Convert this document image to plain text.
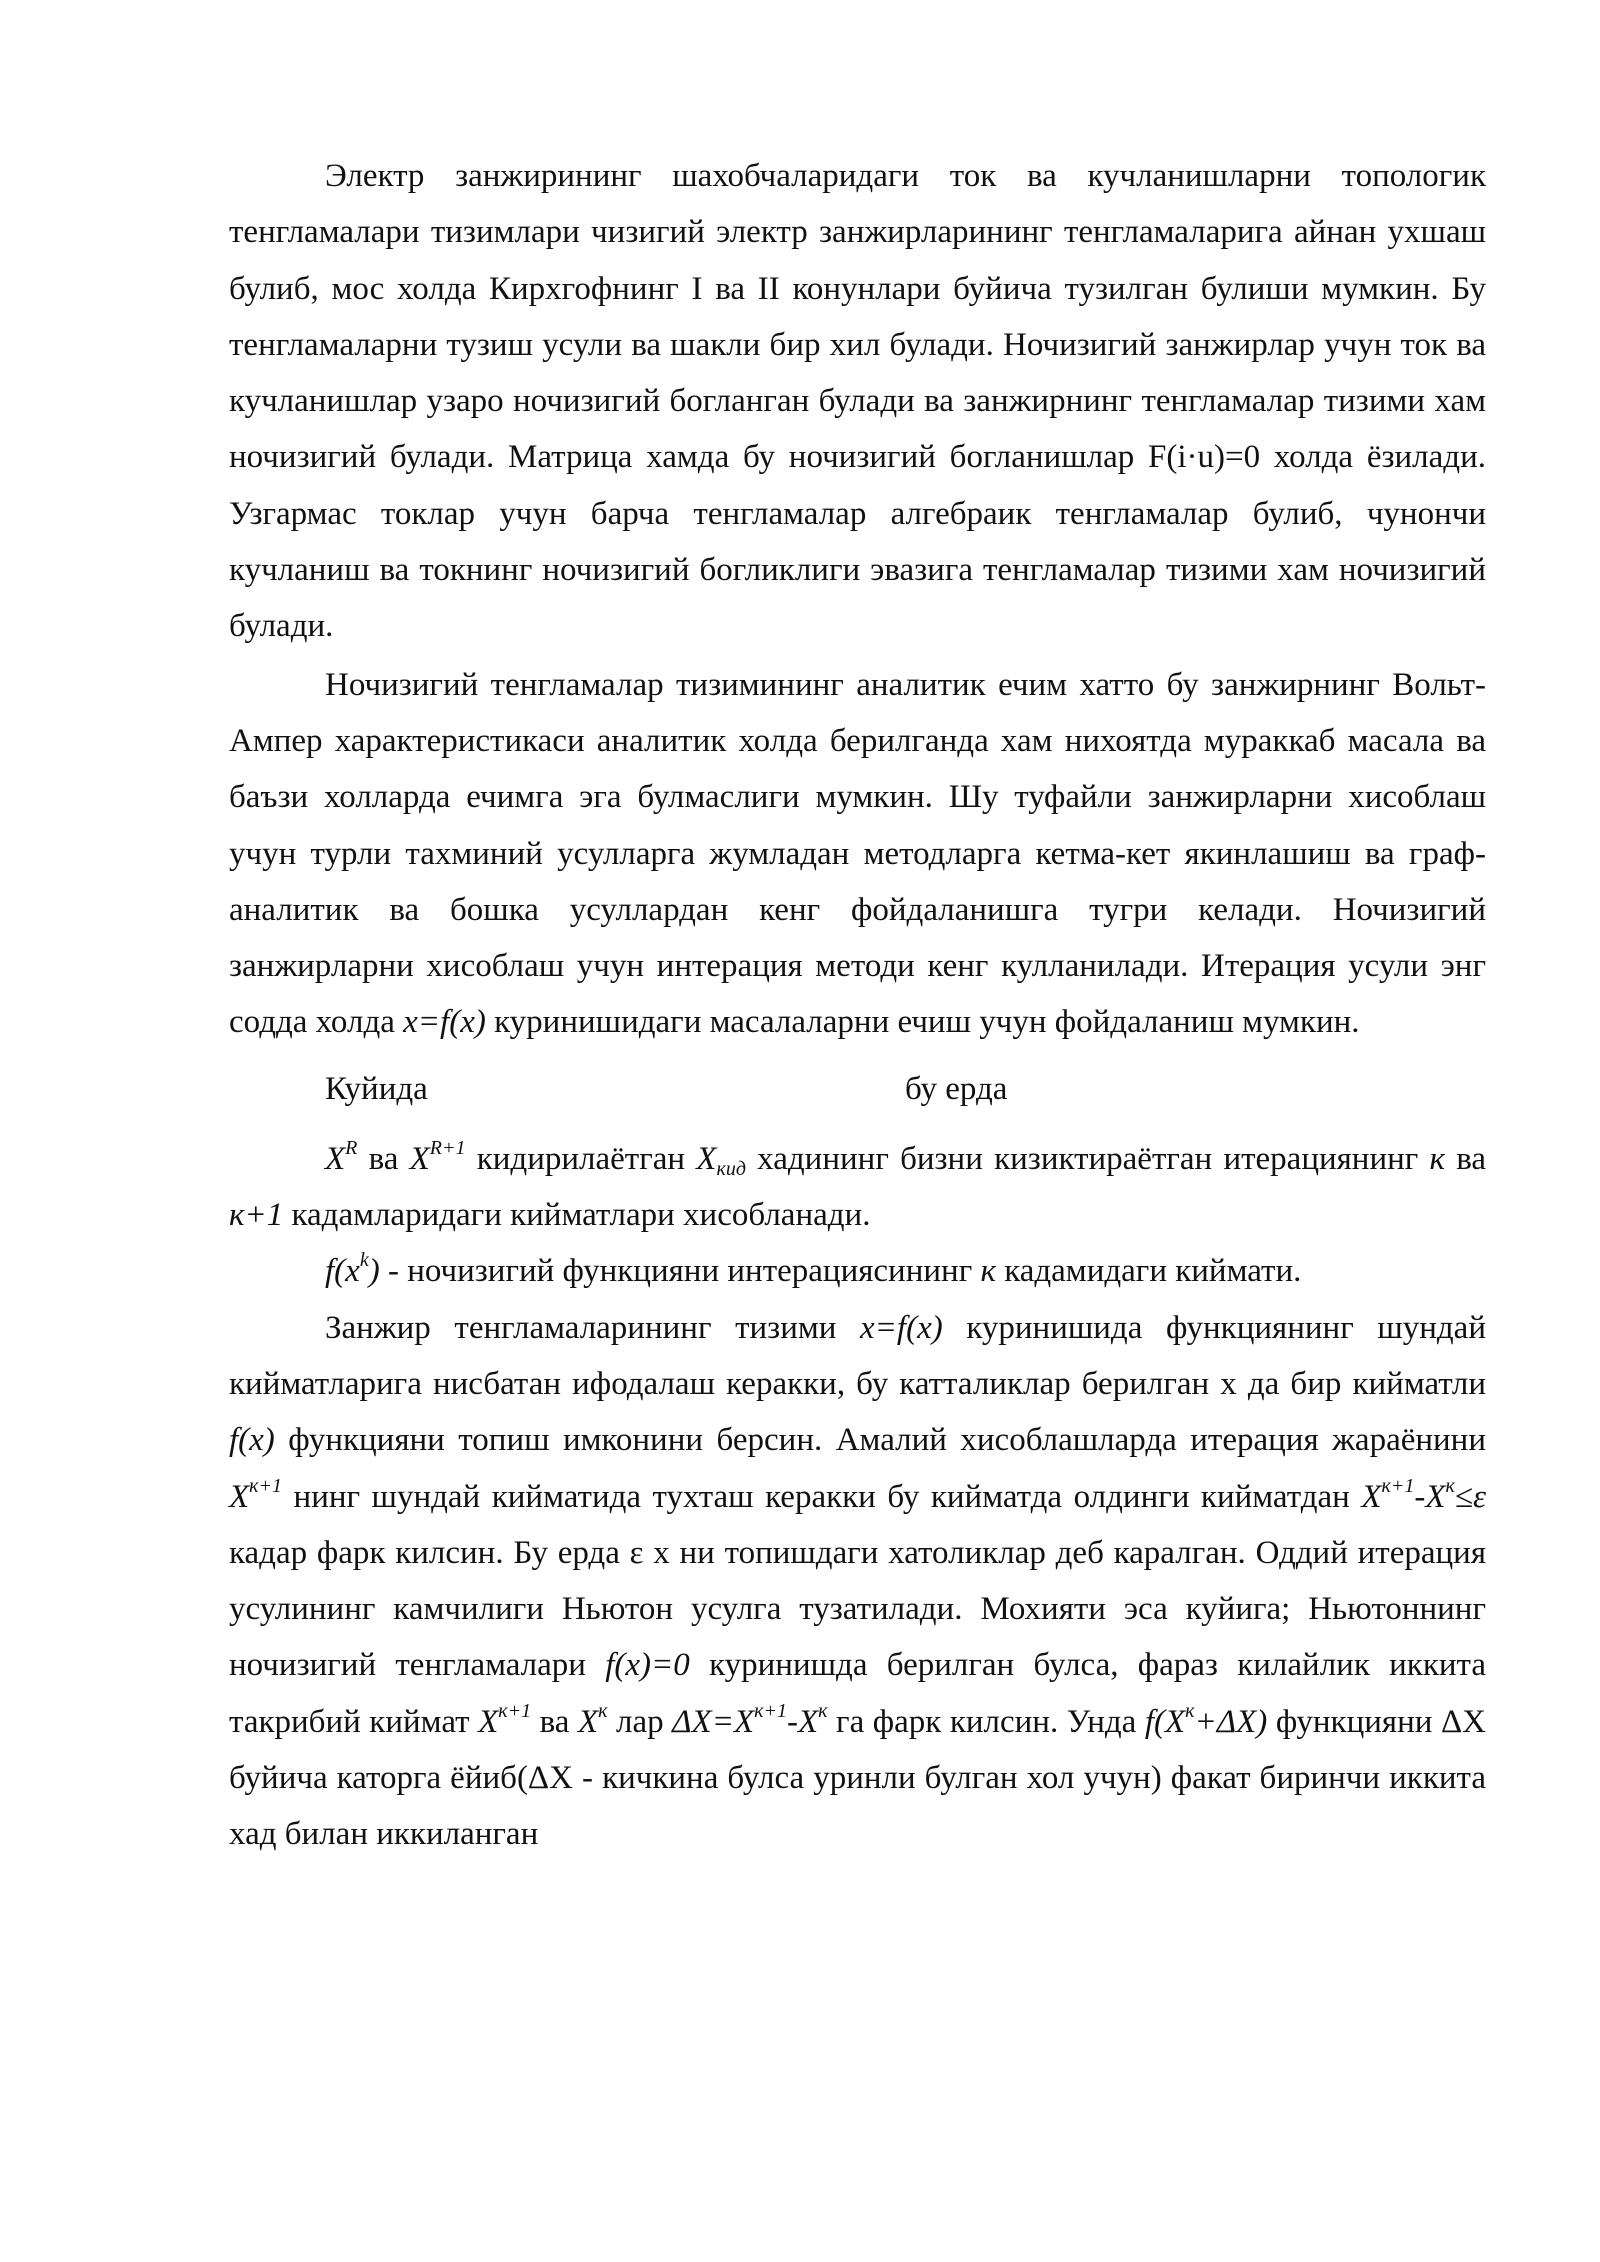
Электр занжирининг шахобчаларидаги ток ва кучланишларни топологик тенгламалари тизимлари чизигий электр занжирларининг тенгламаларига айнан ухшаш булиб, мос холда Кирхгофнинг I ва II конунлари буйича тузилган булиши мумкин. Бу тенгламаларни тузиш усули ва шакли бир хил булади. Ночизигий занжирлар учун ток ва кучланишлар узаро ночизигий богланган булади ва занжирнинг тенгламалар тизими хам ночизигий булади. Матрица хамда бу ночизигий богланишлар F(i·u)=0 холда ёзилади. Узгармас токлар учун барча тенгламалар алгебраик тенгламалар булиб, чунончи кучланиш ва токнинг ночизигий богликлиги эвазига тенгламалар тизими хам ночизигий булади.

Ночизигий тенгламалар тизимининг аналитик ечим хатто бу занжирнинг Вольт-Ампер характеристикаси аналитик холда берилганда хам нихоятда мураккаб масала ва баъзи холларда ечимга эга булмаслиги мумкин. Шу туфайли занжирларни хисоблаш учун турли тахминий усулларга жумладан методларга кетма-кет якинлашиш ва граф-аналитик ва бошка усуллардан кенг фойдаланишга тугри келади. Ночизигий занжирларни хисоблаш учун интерация методи кенг кулланилади. Итерация усули энг содда холда x=f(x) куринишидаги масалаларни ечиш учун фойдаланиш мумкин.

Куйида	бу ерда

$X^R$ ва $X^{R+1}$ кидирилаётган $X_{кид}$ хадининг бизни кизиктираётган итерациянинг к ва к+1 кадамларидаги кийматлари хисобланади.

$f(x^k)$ - ночизигий функцияни интерациясининг к кадамидаги киймати.

Занжир тенгламаларининг тизими x=f(x) куринишида функциянинг шундай кийматларига нисбатан ифодалаш керакки, бу катталиклар берилган х да бир кийматли f(x) функцияни топиш имконини берсин. Амалий хисоблашларда итерация жараёнини $X^{к+1}$ нинг шундай кийматида тухташ керакки бу кийматда олдинги кийматдан $X^{к+1}-X^к\le\varepsilon$ кадар фарк килсин. Бу ерда ε х ни топишдаги хатоликлар деб каралган. Оддий итерация усулининг камчилиги Ньютон усулга тузатилади. Мохияти эса куйига; Ньютоннинг ночизигий тенгламалари f(x)=0 куринишда берилган булса, фараз килайлик иккита такрибий киймат $X^{к+1}$ ва $X^к$ лар $\Delta X=X^{к+1}-X^к$ га фарк килсин. Унда $f(X^к+\Delta X)$ функцияни ΔX буйича каторга ёйиб(ΔX - кичкина булса уринли булган хол учун) факат биринчи иккита хад билан иккиланган
